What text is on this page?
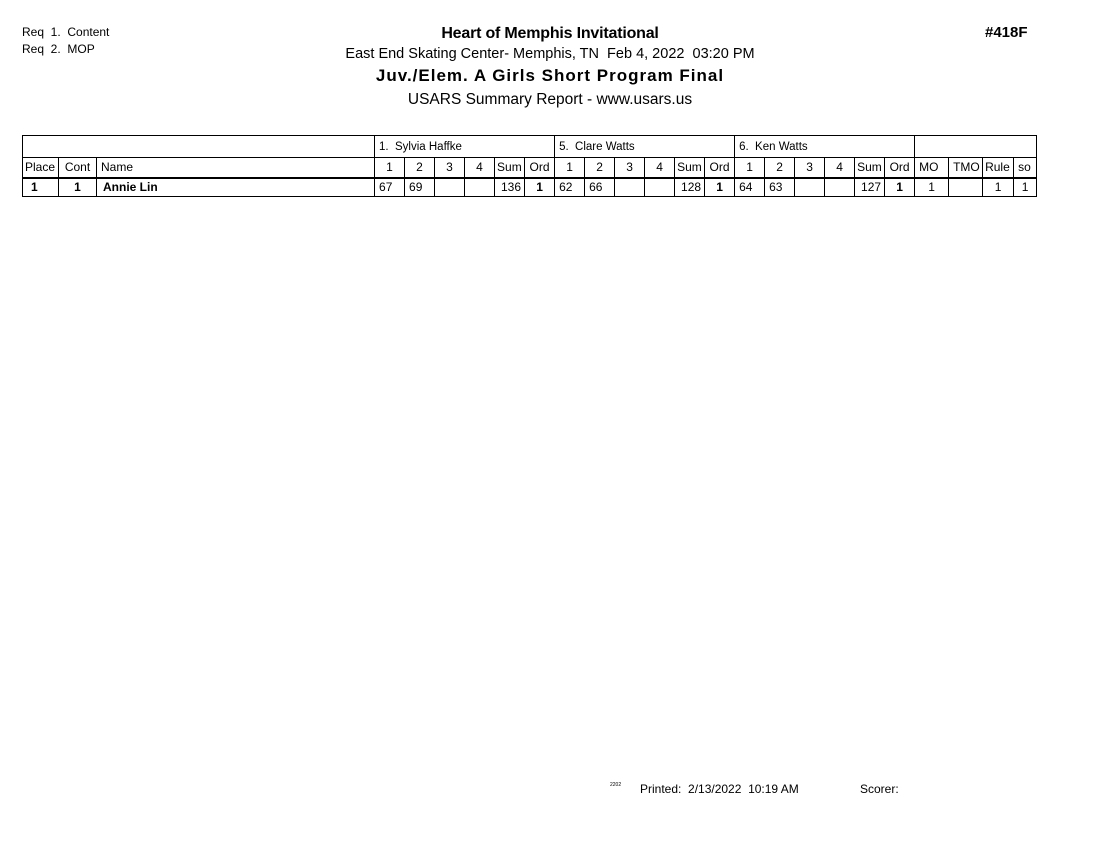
Req  1.  Content
Req  2.  MOP
Heart of Memphis Invitational
East End Skating Center- Memphis, TN  Feb 4, 2022  03:20 PM
Juv./Elem. A Girls Short Program Final
USARS Summary Report - www.usars.us
#418F
			1.  Sylvia Haffke						5.  Clare Watts						6.  Ken Watts									
Place	Cont	Name	1	2	3	4	Sum	Ord	1	2	3	4	Sum	Ord	1	2	3	4	Sum	Ord	MO	TMO	Rule	so
1	1	Annie Lin	67	69			136	1	62	66			128	1	64	63			127	1	1		1	1
2202 Printed:  2/13/2022  10:19 AM	Scorer:
